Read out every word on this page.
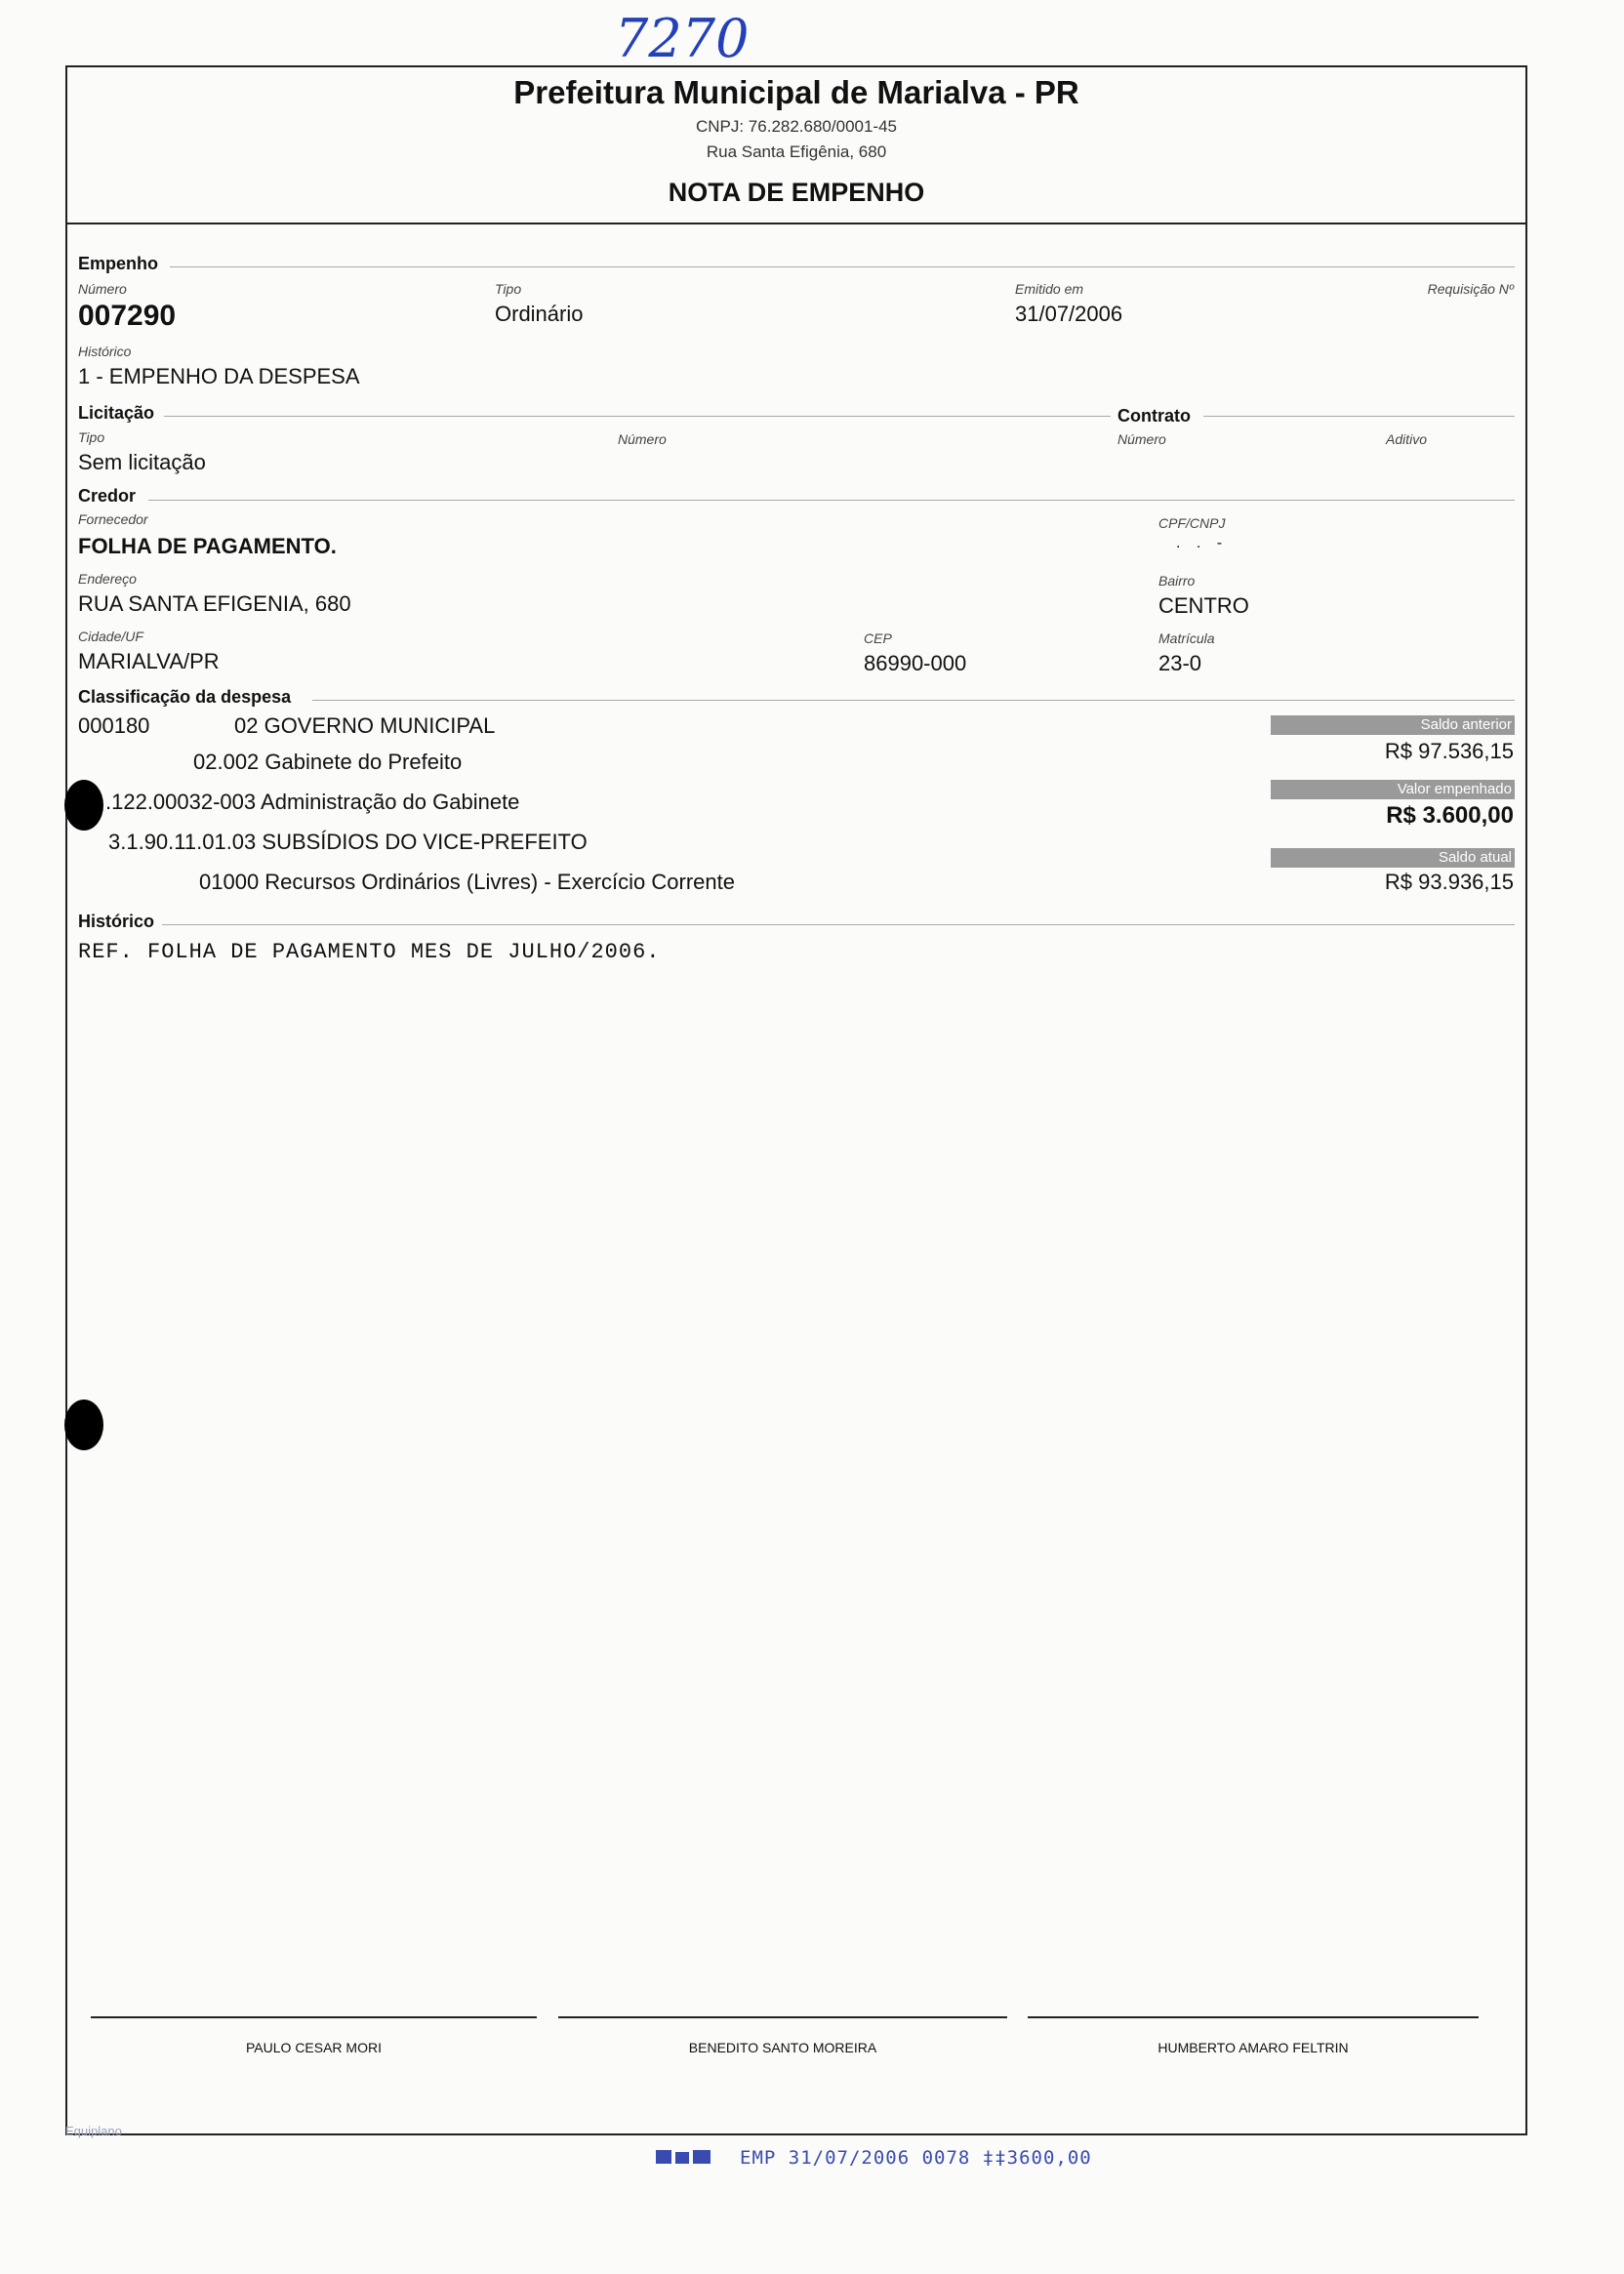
7270
Prefeitura Municipal de Marialva - PR
CNPJ: 76.282.680/0001-45
Rua Santa Efigênia, 680
NOTA DE EMPENHO
Empenho
Número
007290
Tipo
Ordinário
Emitido em
31/07/2006
Requisição Nº
Histórico
1 - EMPENHO DA DESPESA
Licitação	Contrato
Tipo
Sem licitação
Número	Número	Aditivo
Credor
Fornecedor
FOLHA DE PAGAMENTO.
CPF/CNPJ
. . -
Endereço
RUA SANTA EFIGENIA, 680
Bairro
CENTRO
Cidade/UF
MARIALVA/PR
CEP
86990-000
Matrícula
23-0
Classificação da despesa
000180	02 GOVERNO MUNICIPAL
02.002 Gabinete do Prefeito
.122.00032-003 Administração do Gabinete
3.1.90.11.01.03 SUBSÍDIOS DO VICE-PREFEITO
01000 Recursos Ordinários (Livres) - Exercício Corrente
Saldo anterior
R$ 97.536,15
Valor empenhado
R$ 3.600,00
Saldo atual
R$ 93.936,15
Histórico
REF. FOLHA DE PAGAMENTO MES DE JULHO/2006.
PAULO CESAR MORI	BENEDITO SANTO MOREIRA	HUMBERTO AMARO FELTRIN
Equiplano
EMP 31/07/2006 0078 ‡‡3600,00
